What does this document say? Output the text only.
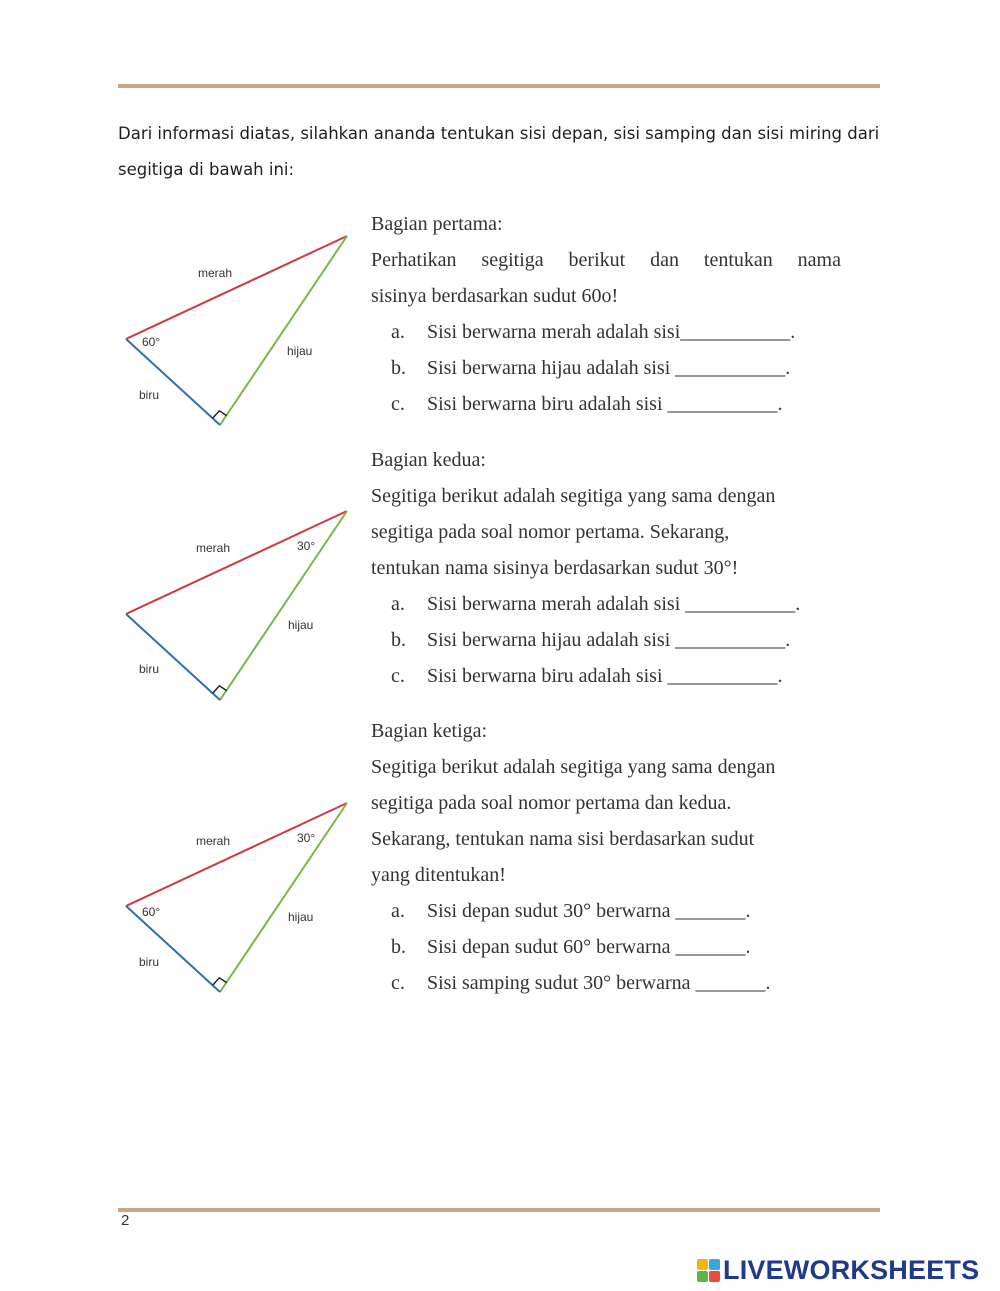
Dari informasi diatas, silahkan ananda tentukan sisi depan, sisi samping dan sisi miring dari
segitiga di bawah ini:
merah
hijau
biru
60°
merah
hijau
biru
30°
merah
hijau
biru
30°
60°

Bagian pertama:

Perhatikan segitiga berikut dan tentukan nama

sisinya berdasarkan sudut 60o!

a. Sisi berwarna merah adalah sisi___________.

b. Sisi berwarna hijau adalah sisi ___________.

c. Sisi berwarna biru adalah sisi ___________.

Bagian kedua:

Segitiga berikut adalah segitiga yang sama dengan

segitiga pada soal nomor pertama. Sekarang,

tentukan nama sisinya berdasarkan sudut 30°!

a. Sisi berwarna merah adalah sisi ___________.

b. Sisi berwarna hijau adalah sisi ___________.

c. Sisi berwarna biru adalah sisi ___________.

Bagian ketiga:

Segitiga berikut adalah segitiga yang sama dengan

segitiga pada soal nomor pertama dan kedua.

Sekarang, tentukan nama sisi berdasarkan sudut

yang ditentukan!

a. Sisi depan sudut 30° berwarna _______.

b. Sisi depan sudut 60° berwarna _______.

c. Sisi samping sudut 30° berwarna _______.

2
LIVEWORKSHEETS
